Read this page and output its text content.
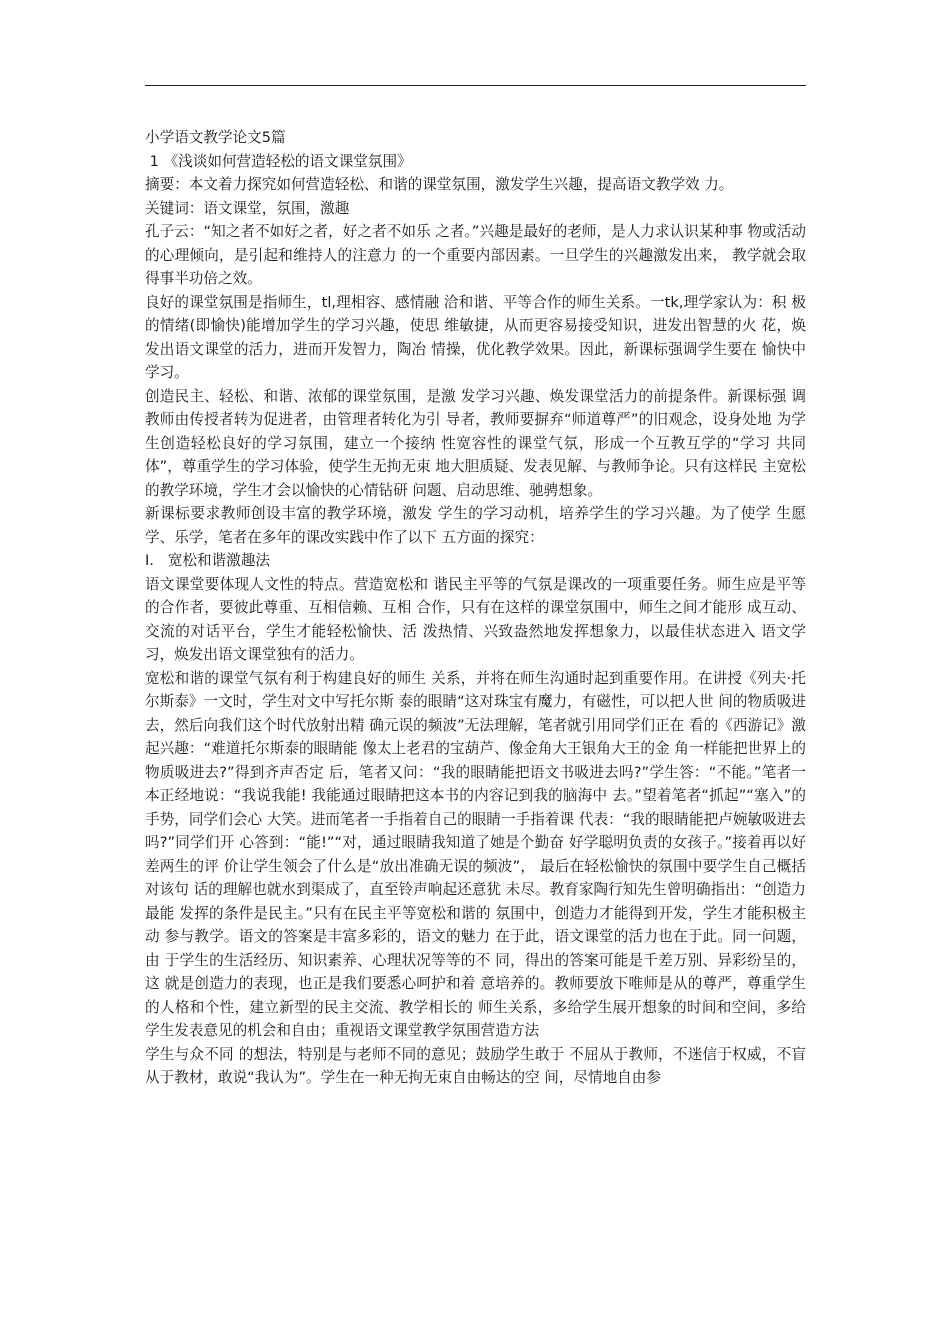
小学语文教学论文5篇
1 《浅谈如何营造轻松的语文课堂氛围》
摘要：本文着力探究如何营造轻松、和谐的课堂氛围，激发学生兴趣，提高语文教学效 力。
关键词：语文课堂，氛围，激趣

孔子云：“知之者不如好之者，好之者不如乐 之者。”兴趣是最好的老师，是人力求认识某种事 物或活动的心理倾向，是引起和维持人的注意力 的一个重要内部因素。一旦学生的兴趣激发出来， 教学就会取得事半功倍之效。

良好的课堂氛围是指师生，tl,理相容、感情融 洽和谐、平等合作的师生关系。一tk,理学家认为：积 极的情绪(即愉快)能增加学生的学习兴趣，使思 维敏捷，从而更容易接受知识，进发出智慧的火 花，焕发出语文课堂的活力，进而开发智力，陶冶 情操，优化教学效果。因此，新课标强调学生要在 愉快中学习。

创造民主、轻松、和谐、浓郁的课堂氛围，是激 发学习兴趣、焕发课堂活力的前提条件。新课标强 调教师由传授者转为促进者，由管理者转化为引 导者，教师要摒弃“师道尊严”的旧观念，设身处地 为学生创造轻松良好的学习氛围，建立一个接纳 性宽容性的课堂气氛，形成一个互教互学的“学习 共同体”，尊重学生的学习体验，使学生无拘无束 地大胆质疑、发表见解、与教师争论。只有这样民 主宽松的教学环境，学生才会以愉快的心情钻研 问题、启动思维、驰骋想象。

新课标要求教师创设丰富的教学环境，激发 学生的学习动机，培养学生的学习兴趣。为了使学 生愿学、乐学，笔者在多年的课改实践中作了以下 五方面的探究：

I.   宽松和谐激趣法

语文课堂要体现人文性的特点。营造宽松和 谐民主平等的气氛是课改的一项重要任务。师生应是平等的合作者，要彼此尊重、互相信赖、互相 合作，只有在这样的课堂氛围中，师生之间才能形 成互动、交流的对话平台，学生才能轻松愉快、活 泼热情、兴致盎然地发挥想象力，以最佳状态进入 语文学习，焕发出语文课堂独有的活力。

宽松和谐的课堂气氛有利于构建良好的师生 关系，并将在师生沟通时起到重要作用。在讲授《列夫·托尔斯泰》一文时，学生对文中写托尔斯 泰的眼睛“这对珠宝有魔力，有磁性，可以把人世 间的物质吸进去，然后向我们这个时代放射出精 确元误的频波”无法理解，笔者就引用同学们正在 看的《西游记》激起兴趣：“难道托尔斯泰的眼睛能 像太上老君的宝葫芦、像金角大王银角大王的金 角一样能把世界上的物质吸进去?”得到齐声否定 后，笔者又问：“我的眼睛能把语文书吸进去吗?”学生答：“不能。”笔者一本正经地说：“我说我能! 我能通过眼睛把这本书的内容记到我的脑海中 去。”望着笔者“抓起”“塞入”的手势，同学们会心 大笑。进而笔者一手指着自己的眼睛一手指着课 代表：“我的眼睛能把卢婉敏吸进去吗?”同学们开 心答到：“能!”“对，通过眼睛我知道了她是个勤奋 好学聪明负责的女孩子。”接着再以好差两生的评 价让学生领会了什么是“放出准确无误的频波”， 最后在轻松愉快的氛围中要学生自己概括对该句 话的理解也就水到渠成了，直至铃声响起还意犹 未尽。教育家陶行知先生曾明确指出：“创造力最能 发挥的条件是民主。”只有在民主平等宽松和谐的 氛围中，创造力才能得到开发，学生才能积极主动 参与教学。语文的答案是丰富多彩的，语文的魅力 在于此，语文课堂的活力也在于此。同一问题，由 于学生的生活经历、知识素养、心理状况等等的不 同，得出的答案可能是千差万别、异彩纷呈的，这 就是创造力的表现，也正是我们要悉心呵护和着 意培养的。教师要放下唯师是从的尊严，尊重学生 的人格和个性，建立新型的民主交流、教学相长的 师生关系，多给学生展开想象的时间和空间，多给学生发表意见的机会和自由；重视语文课堂教学氛围营造方法

学生与众不同 的想法，特别是与老师不同的意见；鼓励学生敢于 不屈从于教师，不迷信于权威，不盲从于教材，敢说“我认为”。学生在一种无拘无束自由畅达的空 间，尽情地自由参
